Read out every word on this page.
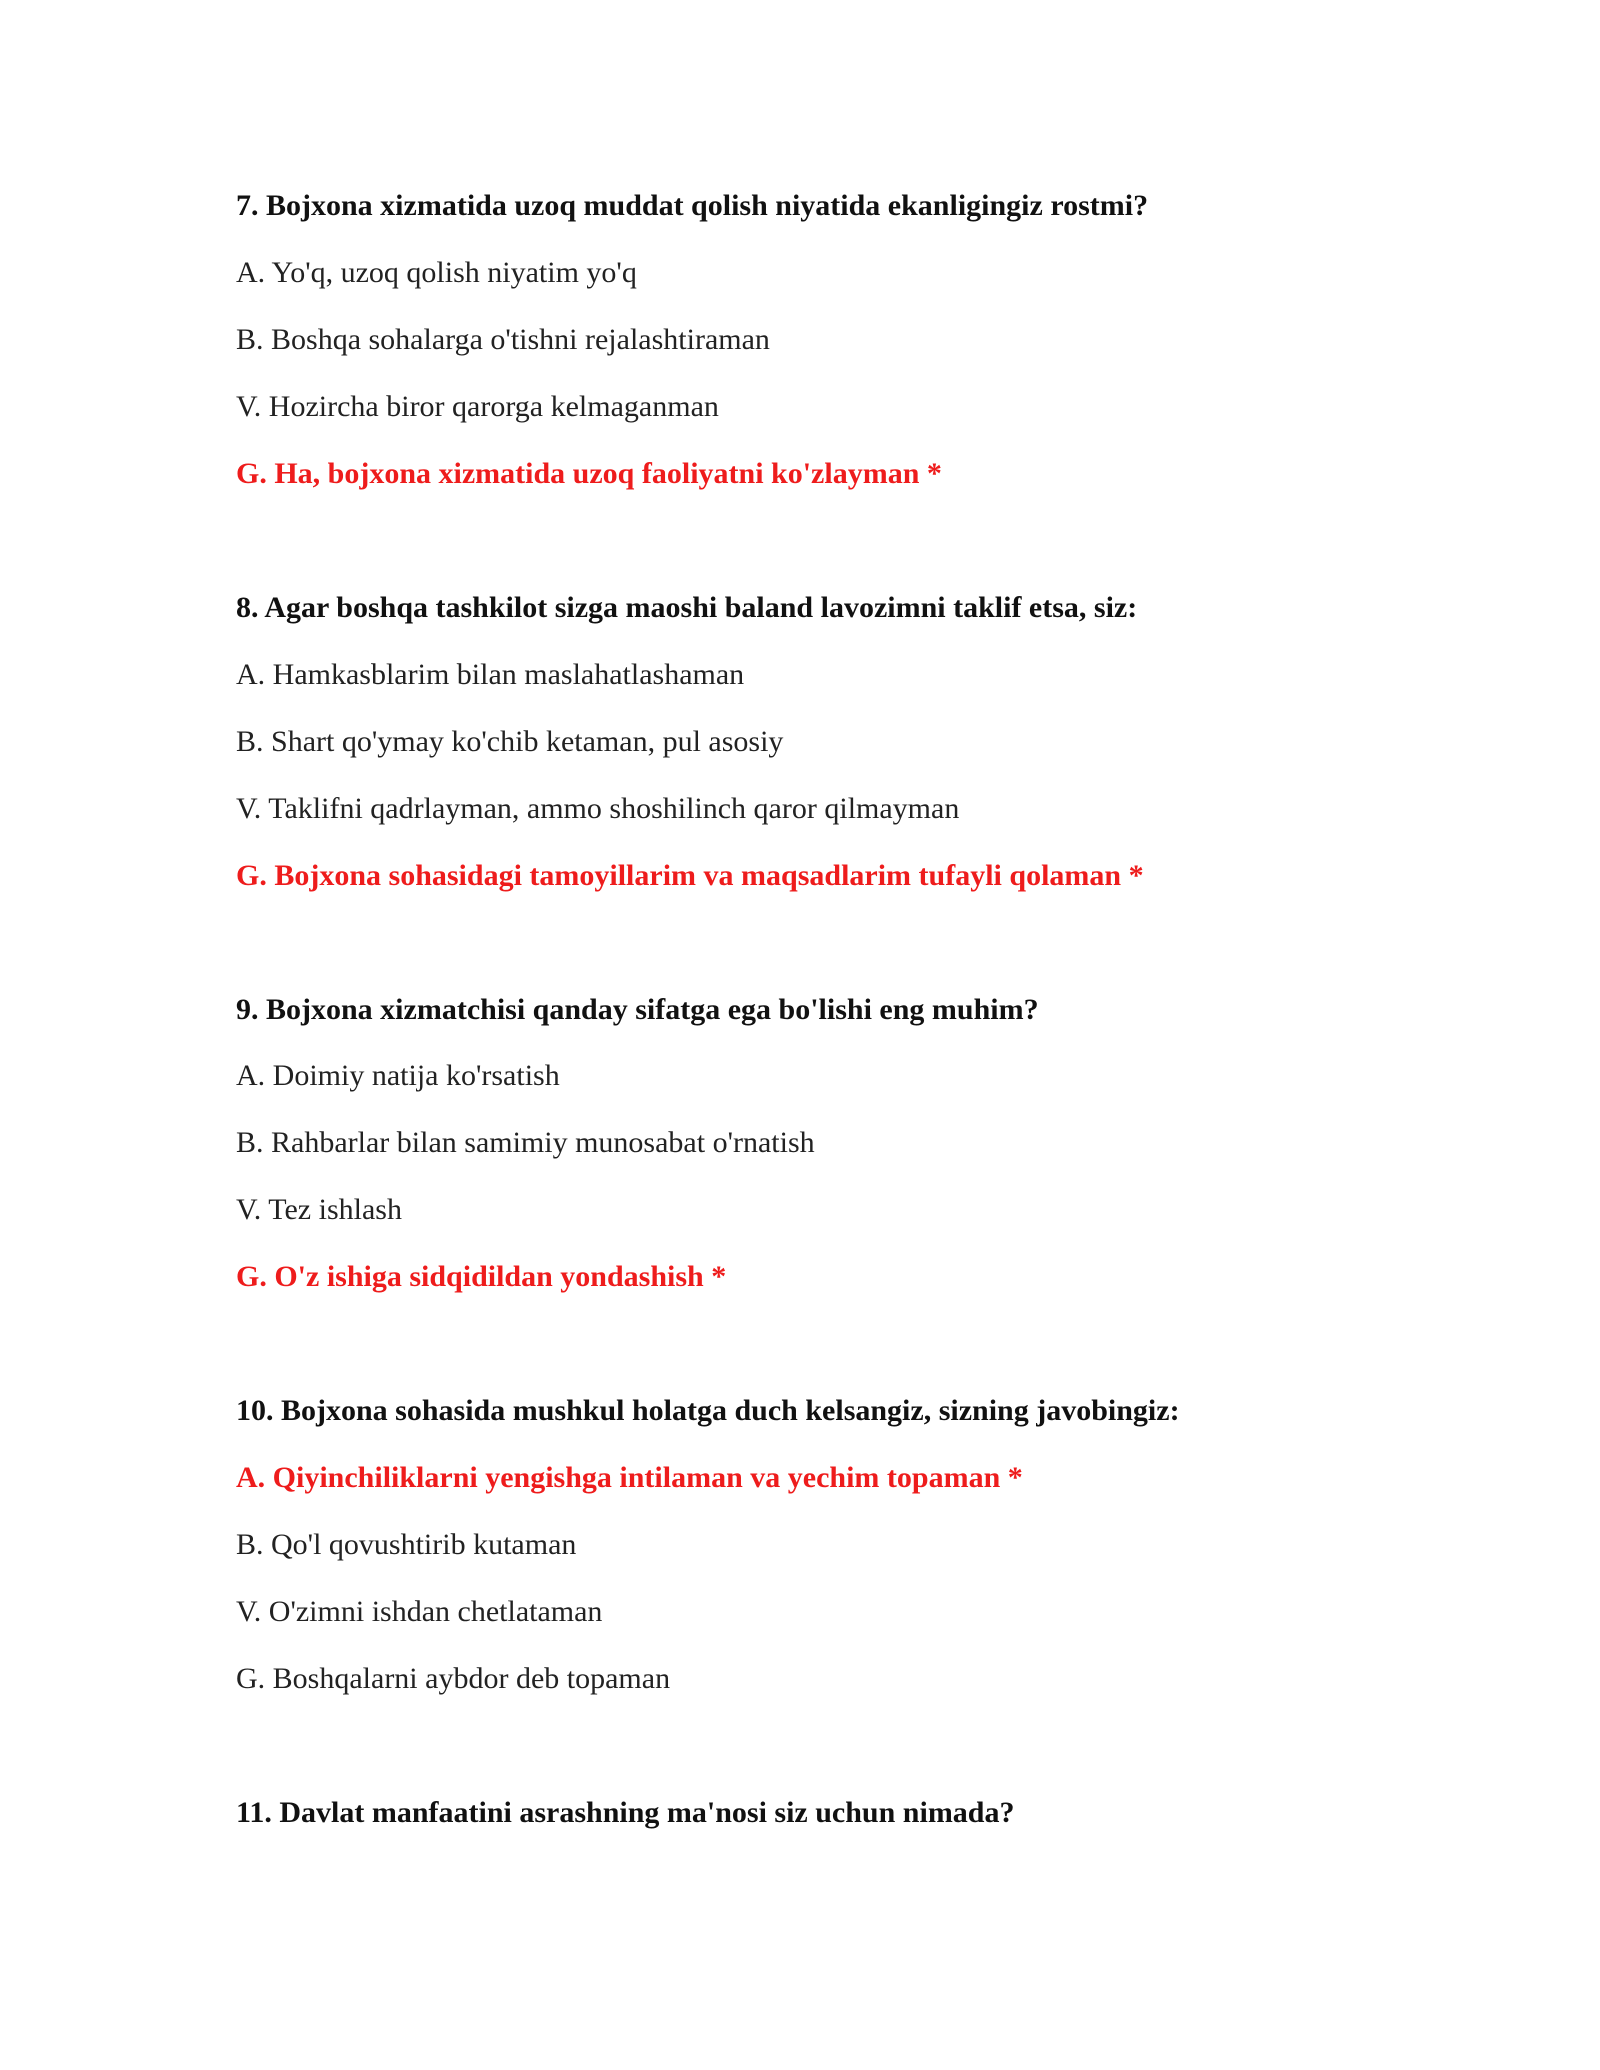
7. Bojxona xizmatida uzoq muddat qolish niyatida ekanligingiz rostmi?
A. Yo'q, uzoq qolish niyatim yo'q
B. Boshqa sohalarga o'tishni rejalashtiraman
V. Hozircha biror qarorga kelmaganman
G. Ha, bojxona xizmatida uzoq faoliyatni ko'zlayman *
8. Agar boshqa tashkilot sizga maoshi baland lavozimni taklif etsa, siz:
A. Hamkasblarim bilan maslahatlashaman
B. Shart qo'ymay ko'chib ketaman, pul asosiy
V. Taklifni qadrlayman, ammo shoshilinch qaror qilmayman
G. Bojxona sohasidagi tamoyillarim va maqsadlarim tufayli qolaman *
9. Bojxona xizmatchisi qanday sifatga ega bo'lishi eng muhim?
A. Doimiy natija ko'rsatish
B. Rahbarlar bilan samimiy munosabat o'rnatish
V. Tez ishlash
G. O'z ishiga sidqidildan yondashish *
10. Bojxona sohasida mushkul holatga duch kelsangiz, sizning javobingiz:
A. Qiyinchiliklarni yengishga intilaman va yechim topaman *
B. Qo'l qovushtirib kutaman
V. O'zimni ishdan chetlataman
G. Boshqalarni aybdor deb topaman
11. Davlat manfaatini asrashning ma'nosi siz uchun nimada?
